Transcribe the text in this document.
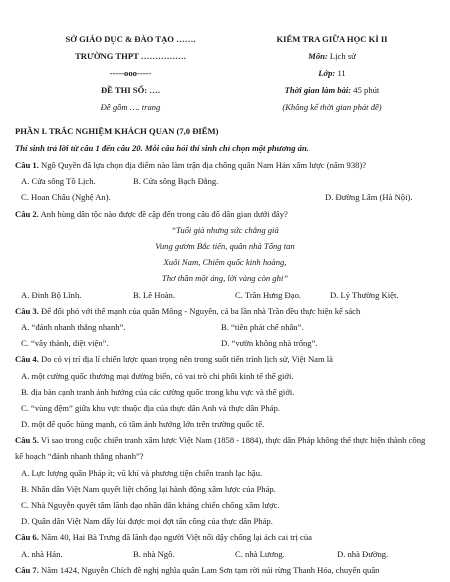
SỞ GIÁO DỤC & ĐÀO TẠO …….
TRƯỜNG THPT …………….
-----ooo-----
ĐỀ THI SỐ: ….
Đề gồm …. trang
KIỂM TRA GIỮA HỌC KÌ II
Môn: Lịch sử
Lớp: 11
Thời gian làm bài: 45 phút
(Không kể thời gian phát đề)
PHẦN I. TRẮC NGHIỆM KHÁCH QUAN (7,0 ĐIỂM)
Thí sinh trả lời từ câu 1 đến câu 20. Mỗi câu hỏi thí sinh chỉ chọn một phương án.
Câu 1. Ngô Quyền đã lựa chọn địa điểm nào làm trận địa chống quân Nam Hán xâm lược (năm 938)?
A. Cửa sông Tô Lịch.	B. Cửa sông Bạch Đằng.
C. Hoan Châu (Nghệ An).	D. Đường Lâm (Hà Nội).
Câu 2. Anh hùng dân tộc nào được đề cập đến trong câu đố dân gian dưới đây?
“Tuổi già nhưng sức chẳng già
Vung gươm Bắc tiến, quân nhà Tống tan
Xuôi Nam, Chiêm quốc kinh hoàng,
Thơ thần một áng, lời vàng còn ghi”
A. Đinh Bộ Lĩnh.	B. Lê Hoàn.	C. Trần Hưng Đạo.	D. Lý Thường Kiệt.
Câu 3. Để đối phó với thế mạnh của quân Mông - Nguyên, cả ba lần nhà Trần đều thực hiện kế sách
A. “đánh nhanh thắng nhanh”.	B. “tiên phát chế nhân”.
C. “vây thành, diệt viện”.	D. “vườn không nhà trống”.
Câu 4. Do có vị trí địa lí chiến lược quan trọng nên trong suốt tiến trình lịch sử, Việt Nam là
A. một cường quốc thương mại đường biển, có vai trò chi phối kinh tế thế giới.
B. địa bàn cạnh tranh ảnh hưởng của các cường quốc trong khu vực và thế giới.
C. “vùng đệm” giữa khu vực thuộc địa của thực dân Anh và thực dân Pháp.
D. một đế quốc hùng mạnh, có tầm ảnh hưởng lớn trên trường quốc tế.
Câu 5. Vì sao trong cuộc chiến tranh xâm lược Việt Nam (1858 - 1884), thực dân Pháp không thể thực hiện thành công kế hoạch “đánh nhanh thắng nhanh”?
A. Lực lượng quân Pháp ít; vũ khí và phương tiện chiến tranh lạc hậu.
B. Nhân dân Việt Nam quyết liệt chống lại hành động xâm lược của Pháp.
C. Nhà Nguyễn quyết tâm lãnh đạo nhân dân kháng chiến chống xâm lược.
D. Quân dân Việt Nam đẩy lùi được mọi đợt tấn công của thực dân Pháp.
Câu 6. Năm 40, Hai Bà Trưng đã lãnh đạo người Việt nổi dậy chống lại ách cai trị của
A. nhà Hán.	B. nhà Ngô.	C. nhà Lương.	D. nhà Đường.
Câu 7. Năm 1424, Nguyễn Chích đề nghị nghĩa quân Lam Sơn tạm rời núi rừng Thanh Hóa, chuyển quân
